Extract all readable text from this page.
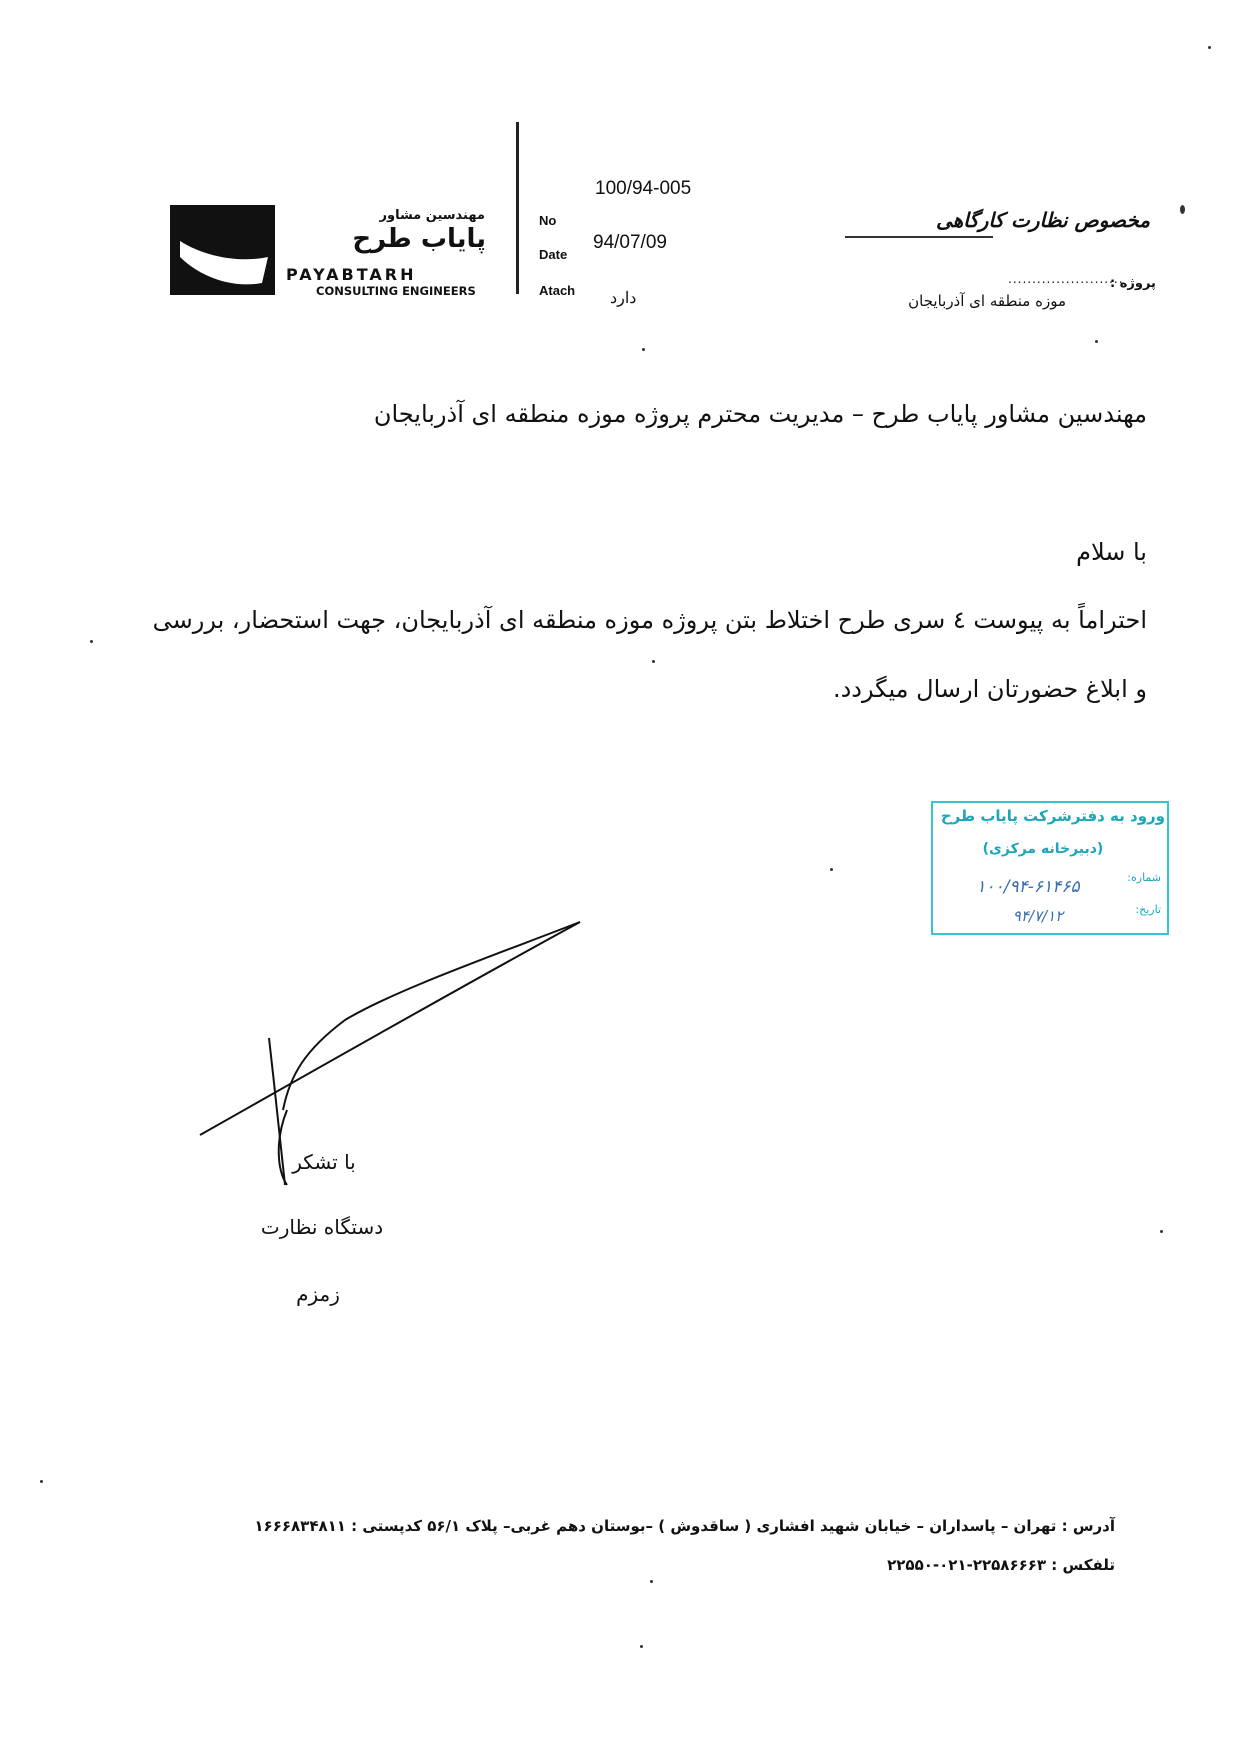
مهندسین مشاور
پایاب طرح
PAYABTARH
CONSULTING ENGINEERS
No
100/94-005
Date
94/07/09
Atach دارد
مخصوص نظارت کارگاهی
پروژه :
........................
موزه منطقه ای آذربایجان
مهندسین مشاور پایاب طرح – مدیریت محترم پروژه موزه منطقه ای آذربایجان
با سلام
احتراماً به پیوست ٤ سری طرح اختلاط بتن پروژه موزه منطقه ای آذربایجان، جهت استحضار، بررسی
و ابلاغ حضورتان ارسال میگردد.
ورود به دفترشرکت پایاب طرح
(دبیرخانه مرکزی)
شماره:
تاریخ:
۱۰۰/۹۴-۶۱۴۶۵
۹۴/۷/۱۲
با تشکر
دستگاه نظارت
زمزم
آدرس : تهران – پاسداران – خیابان شهید افشاری ( ساقدوش ) –بوستان دهم غربی– پلاک ۵۶/۱ کدپستی : ۱۶۶۶۸۳۴۸۱۱
تلفکس : ۲۲۵۸۶۶۶۳-۰۲۱-۲۲۵۵۰
